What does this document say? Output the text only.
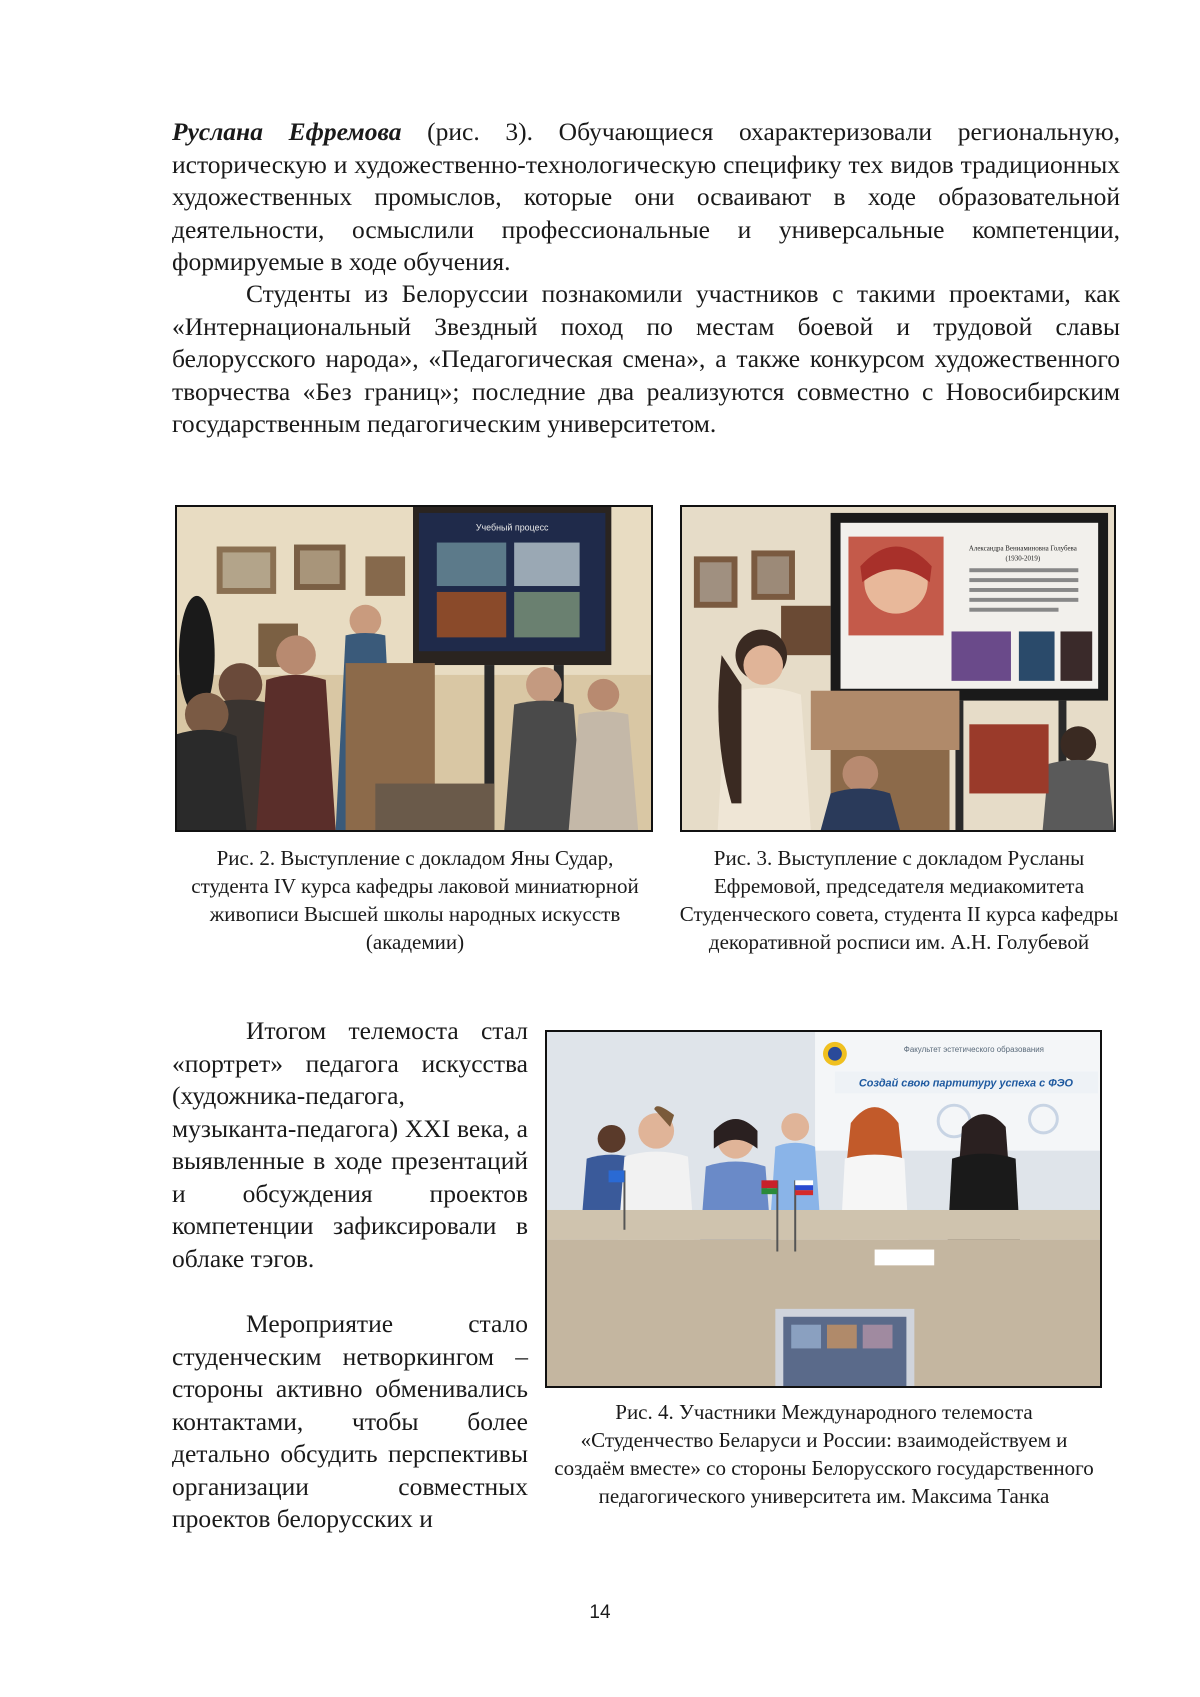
Руслана Ефремова (рис. 3). Обучающиеся охарактеризовали региональную, историческую и художественно-технологическую специфику тех видов традиционных художественных промыслов, которые они осваивают в ходе образовательной деятельности, осмыслили профессиональные и универсальные компетенции, формируемые в ходе обучения.

Студенты из Белоруссии познакомили участников с такими проектами, как «Интернациональный Звездный поход по местам боевой и трудовой славы белорусского народа», «Педагогическая смена», а также конкурсом художественного творчества «Без границ»; последние два реализуются совместно с Новосибирским государственным педагогическим университетом.

Учебный процесс
Александра Вениаминовна Голубева
(1930-2019)

Рис. 2. Выступление с докладом Яны Судар, студента IV курса кафедры лаковой миниатюрной живописи Высшей школы народных искусств (академии)

Рис. 3. Выступление с докладом Русланы Ефремовой, председателя медиакомитета Студенческого совета, студента II курса кафедры декоративной росписи им. А.Н. Голубевой

Итогом телемоста стал «портрет» педагога искусства (художника-педагога, музыканта-педагога) XXI века, а выявленные в ходе презентаций и обсуждения проектов компетенции зафиксировали в облаке тэгов.

Мероприятие стало студенческим нетворкингом – стороны активно обменивались контактами, чтобы более детально обсудить перспективы организации совместных проектов белорусских и

Факультет эстетического образования
Создай свою партитуру успеха с ФЭО

Рис. 4. Участники Международного телемоста «Студенчество Беларуси и России: взаимодействуем и создаём вместе» со стороны Белорусского государственного педагогического университета им. Максима Танка

14
